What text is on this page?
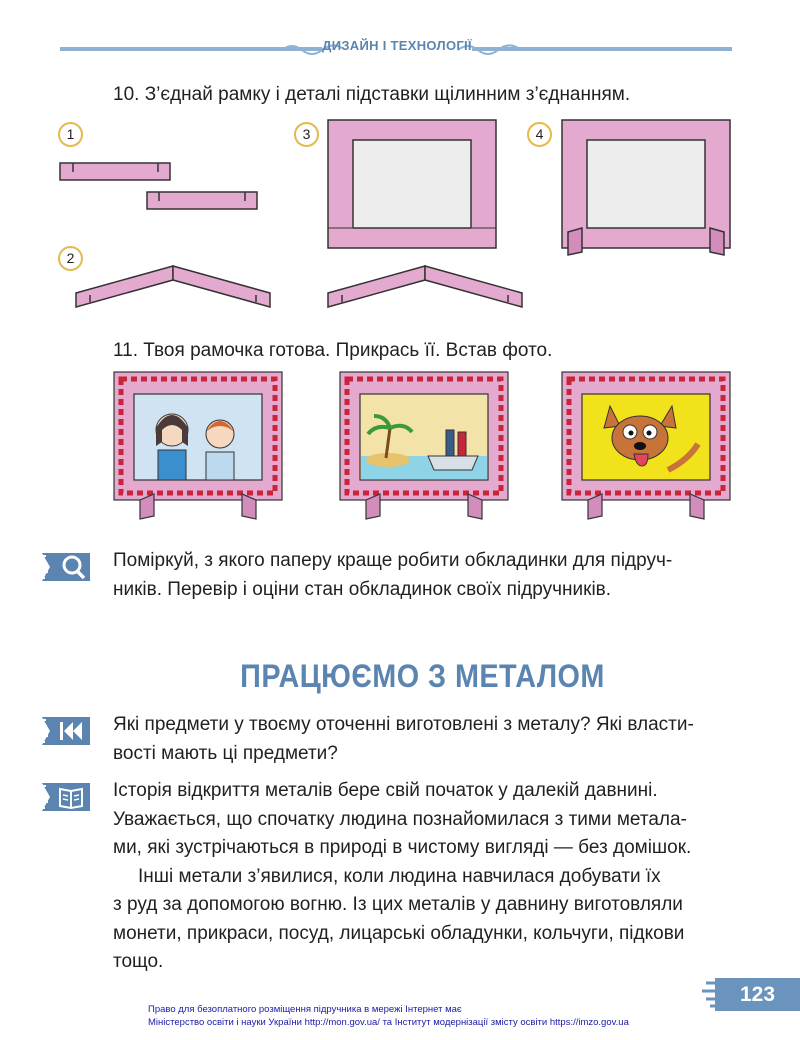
ДИЗАЙН І ТЕХНОЛОГІЇ
10. З’єднай рамку і деталі підставки щілинним з’єднанням.
1
2
3	4
11. Твоя рамочка готова. Прикрась її. Встав фото.

Поміркуй, з якого паперу краще робити обкладинки для підруч-

ників. Перевір і оціни стан обкладинок своїх підручників.

ПРАЦЮЄМО З МЕТАЛОМ

Які предмети у твоєму оточенні виготовлені з металу? Які власти-

вості мають ці предмети?

Історія відкриття металів бере свій початок у далекій давнині.

Уважається, що спочатку людина познайомилася з тими метала-

ми, які зустрічаються в природі в чистому вигляді — без домішок.

Інші метали з’явилися, коли людина навчилася добувати їх

з руд за допомогою вогню. Із цих металів у давнину виготовляли

монети, прикраси, посуд, лицарські обладунки, кольчуги, підкови

тощо.

123
Право для безоплатного розміщення підручника в мережі Інтернет має
Міністерство освіти і науки України http://mon.gov.ua/ та Інститут модернізації змісту освіти https://imzo.gov.ua
